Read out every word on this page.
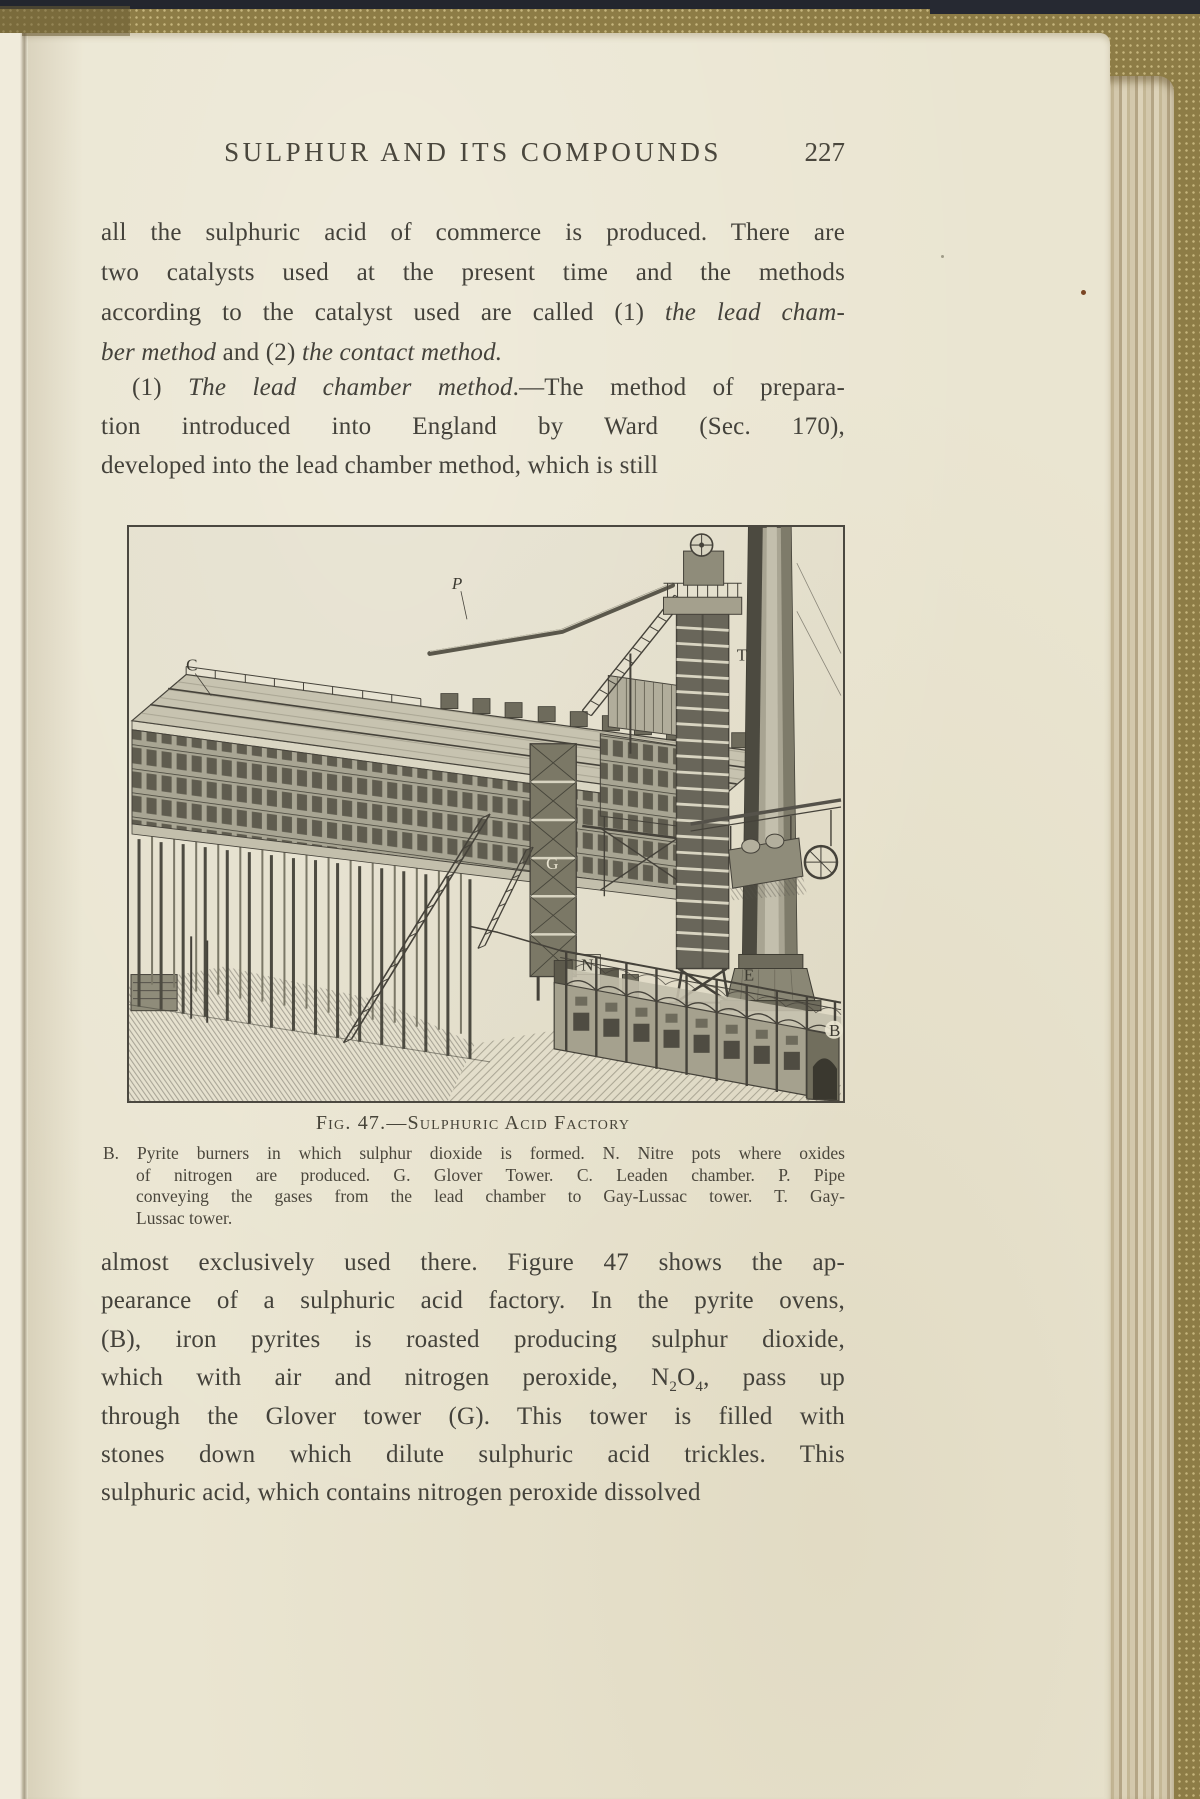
SULPHUR AND ITS COMPOUNDS	227
all the sulphuric acid of commerce is produced. There are
two catalysts used at the present time and the methods
according to the catalyst used are called (1) the lead cham-
ber method and (2) the contact method.
(1) The lead chamber method.—The method of prepara-
tion introduced into England by Ward (Sec. 170),
developed into the lead chamber method, which is still
C
P
T
G
N
E
B
Fig. 47.—Sulphuric Acid Factory
B. Pyrite burners in which sulphur dioxide is formed. N. Nitre pots where oxides
of nitrogen are produced. G. Glover Tower. C. Leaden chamber. P. Pipe
conveying the gases from the lead chamber to Gay-Lussac tower. T. Gay-
Lussac tower.
almost exclusively used there. Figure 47 shows the ap-
pearance of a sulphuric acid factory. In the pyrite ovens,
(B), iron pyrites is roasted producing sulphur dioxide,
which with air and nitrogen peroxide, $N_2O_4$, pass up
through the Glover tower (G). This tower is filled with
stones down which dilute sulphuric acid trickles. This
sulphuric acid, which contains nitrogen peroxide dissolved
